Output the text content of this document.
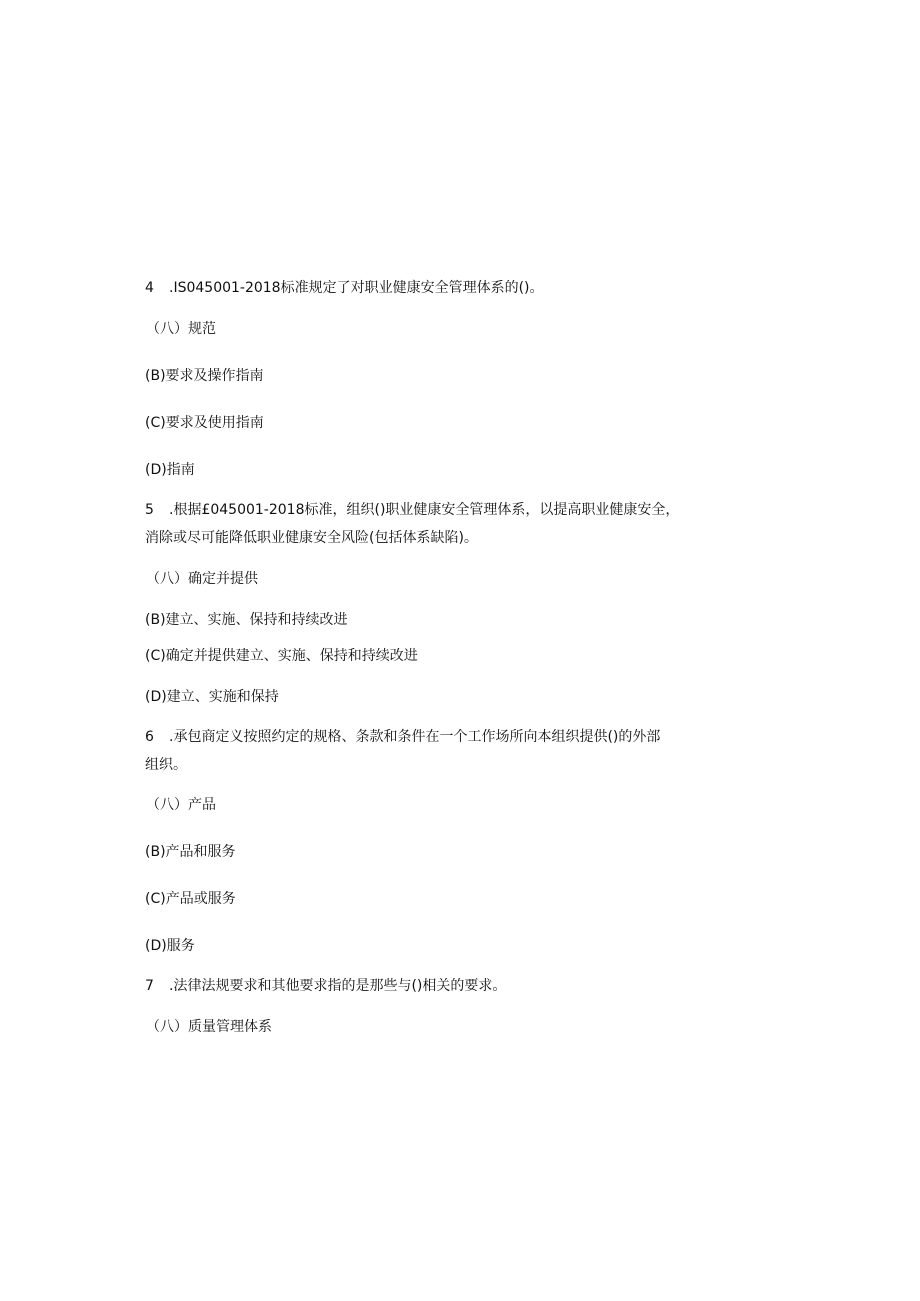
4 .IS045001-2018标准规定了对职业健康安全管理体系的()。
（八）规范
(B)要求及操作指南
(C)要求及使用指南
(D)指南
5 .根据£045001-2018标准，组织()职业健康安全管理体系，以提高职业健康安全，
消除或尽可能降低职业健康安全风险(包括体系缺陷)。
（八）确定并提供
(B)建立、实施、保持和持续改进
(C)确定并提供建立、实施、保持和持续改进
(D)建立、实施和保持
6 .承包商定义按照约定的规格、条款和条件在一个工作场所向本组织提供()的外部
组织。
（八）产品
(B)产品和服务
(C)产品或服务
(D)服务
7 .法律法规要求和其他要求指的是那些与()相关的要求。
（八）质量管理体系
